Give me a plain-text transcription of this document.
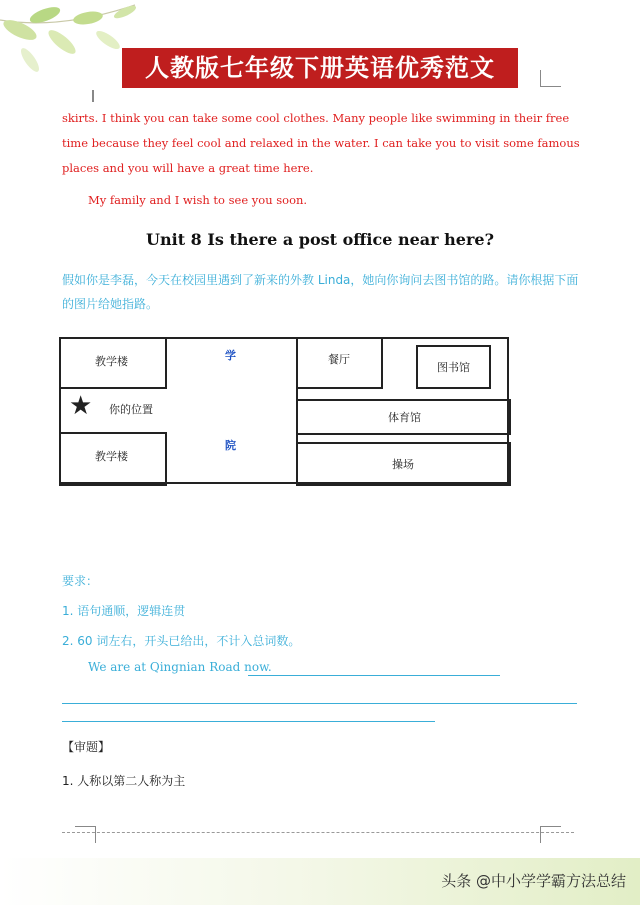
人教版七年级下册英语优秀范文

skirts. I think you can take some cool clothes. Many people like swimming in their free time because they feel cool and relaxed in the water. I can take you to visit some famous places and you will have a great time here.

My family and I wish to see you soon.

Unit 8 Is there a post office near here?

假如你是李磊，今天在校园里遇到了新来的外教 Linda，她向你询问去图书馆的路。请你根据下面的图片给她指路。

教学楼
教学楼
★ 你的位置
学
院
餐厅
图书馆
体育馆
操场

要求：

1. 语句通顺，逻辑连贯

2. 60 词左右，开头已给出，不计入总词数。

We are at Qingnian Road now.

【审题】

1. 人称以第二人称为主

头条 @中小学学霸方法总结
